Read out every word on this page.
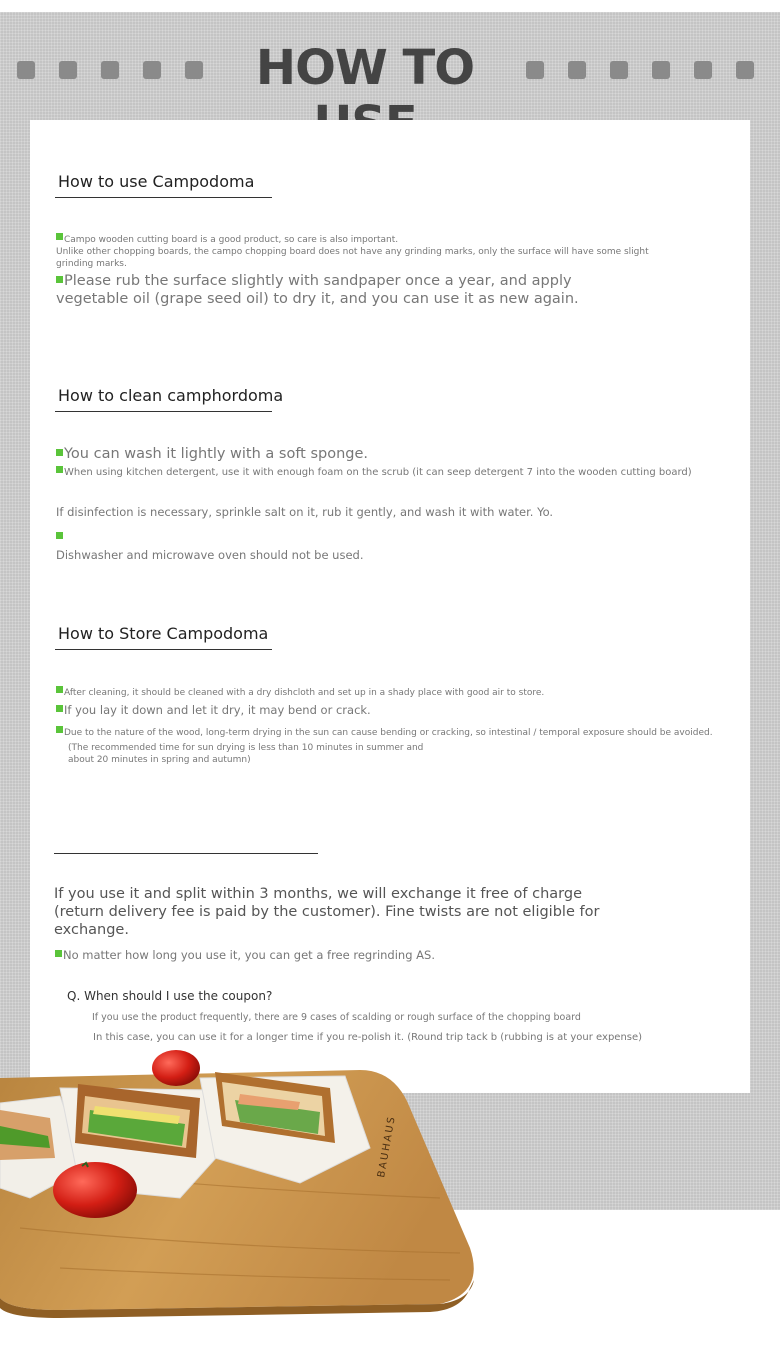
HOW TO
How to use Campodoma

Campo wooden cutting board is a good product, so care is also important.
Unlike other chopping boards, the campo chopping board does not have any grinding marks, only the surface will have some slight grinding marks.

Please rub the surface slightly with sandpaper once a year, and apply vegetable oil (grape seed oil) to dry it, and you can use it as new again.

How to clean camphordoma

You can wash it lightly with a soft sponge.

When using kitchen detergent, use it with enough foam on the scrub (it can seep detergent 7 into the wooden cutting board)

If disinfection is necessary, sprinkle salt on it, rub it gently, and wash it with water. Yo.

Dishwasher and microwave oven should not be used.

How to Store Campodoma

After cleaning, it should be cleaned with a dry dishcloth and set up in a shady place with good air to store.

If you lay it down and let it dry, it may bend or crack.

Due to the nature of the wood, long-term drying in the sun can cause bending or cracking, so intestinal / temporal exposure should be avoided.

(The recommended time for sun drying is less than 10 minutes in summer and about 20 minutes in spring and autumn)

If you use it and split within 3 months, we will exchange it free of charge (return delivery fee is paid by the customer). Fine twists are not eligible for exchange.

No matter how long you use it, you can get a free regrinding AS.

Q. When should I use the coupon?

If you use the product frequently, there are 9 cases of scalding or rough surface of the chopping board

In this case, you can use it for a longer time if you re-polish it. (Round trip tack b (rubbing is at your expense)

BAUHAUS
